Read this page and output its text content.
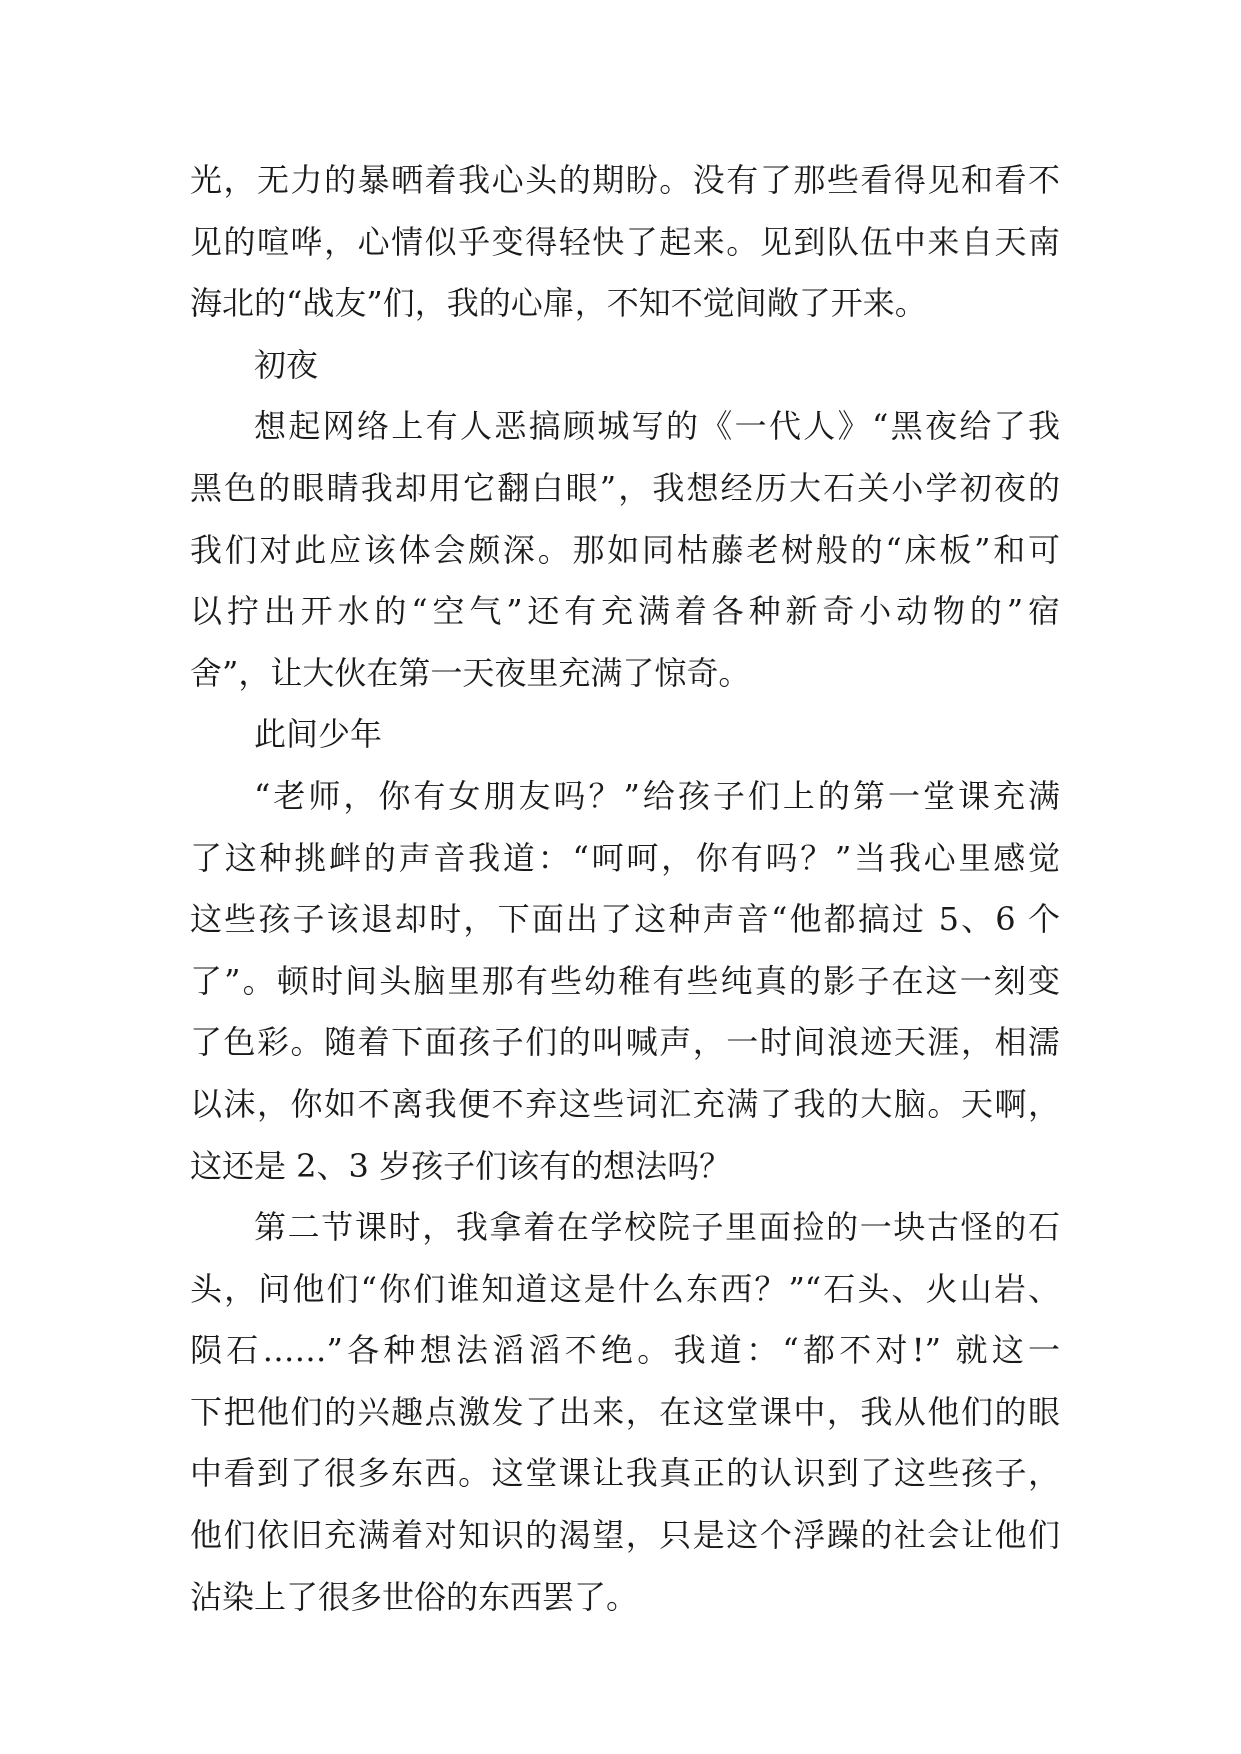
光，无力的暴晒着我心头的期盼。没有了那些看得见和看不
见的喧哗，心情似乎变得轻快了起来。见到队伍中来自天南
海北的“战友”们，我的心扉，不知不觉间敞了开来。
初夜
想起网络上有人恶搞顾城写的《一代人》“黑夜给了我
黑色的眼睛我却用它翻白眼”，我想经历大石关小学初夜的
我们对此应该体会颇深。那如同枯藤老树般的“床板”和可
以拧出开水的“空气”还有充满着各种新奇小动物的”宿
舍”，让大伙在第一天夜里充满了惊奇。
此间少年
“老师，你有女朋友吗？”给孩子们上的第一堂课充满
了这种挑衅的声音我道：“呵呵，你有吗？”当我心里感觉
这些孩子该退却时，下面出了这种声音“他都搞过 5、6 个
了”。顿时间头脑里那有些幼稚有些纯真的影子在这一刻变
了色彩。随着下面孩子们的叫喊声，一时间浪迹天涯，相濡
以沫，你如不离我便不弃这些词汇充满了我的大脑。天啊，
这还是 2、3 岁孩子们该有的想法吗？
第二节课时，我拿着在学校院子里面捡的一块古怪的石
头，问他们“你们谁知道这是什么东西？”“石头、火山岩、
陨石……”各种想法滔滔不绝。我道：“都不对!” 就这一
下把他们的兴趣点激发了出来，在这堂课中，我从他们的眼
中看到了很多东西。这堂课让我真正的认识到了这些孩子，
他们依旧充满着对知识的渴望，只是这个浮躁的社会让他们
沾染上了很多世俗的东西罢了。
